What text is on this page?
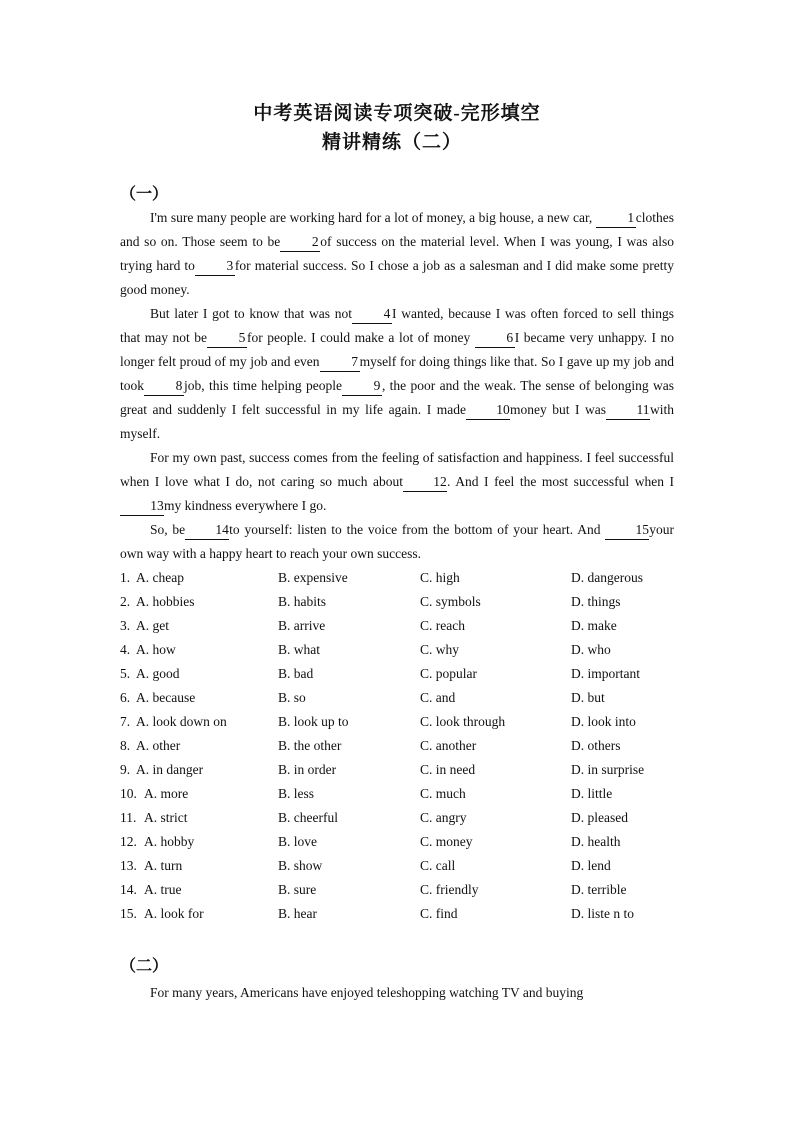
中考英语阅读专项突破-完形填空
精讲精练（二）
（一）

I'm sure many people are working hard for a lot of money, a big house, a new car, 1 clothes and so on. Those seem to be 2 of success on the material level. When I was young, I was also trying hard to 3 for material success. So I chose a job as a salesman and I did make some pretty good money.

But later I got to know that was not 4 I wanted, because I was often forced to sell things that may not be 5 for people. I could make a lot of money 6 I became very unhappy. I no longer felt proud of my job and even 7 myself for doing things like that. So I gave up my job and took 8 job, this time helping people 9 , the poor and the weak. The sense of belonging was great and suddenly I felt successful in my life again. I made 10money but I was 11with myself.

For my own past, success comes from the feeling of satisfaction and happiness. I feel successful when I love what I do, not caring so much about 12. And I feel the most successful when I13my kindness everywhere I go.

So, be 14to yourself: listen to the voice from the bottom of your heart. And 15your own way with a happy heart to reach your own success.

1. A. cheap	B. expensive	C. high	D. dangerous
2. A. hobbies	B. habits	C. symbols	D. things
3. A. get	B. arrive	C. reach	D. make
4. A. how	B. what	C. why	D. who
5. A. good	B. bad	C. popular	D. important
6. A. because	B. so	C. and	D. but
7. A. look down on	B. look up to	C. look through	D. look into
8. A. other	B. the other	C. another	D. others
9. A. in danger	B. in order	C. in need	D. in surprise
10. A. more	B. less	C. much	D. little
11. A. strict	B. cheerful	C. angry	D. pleased
12. A. hobby	B. love	C. money	D. health
13. A. turn	B. show	C. call	D. lend
14. A. true	B. sure	C. friendly	D. terrible
15. A. look for	B. hear	C. find	D. liste n to
（二）

For many years, Americans have enjoyed teleshopping watching TV and buying
